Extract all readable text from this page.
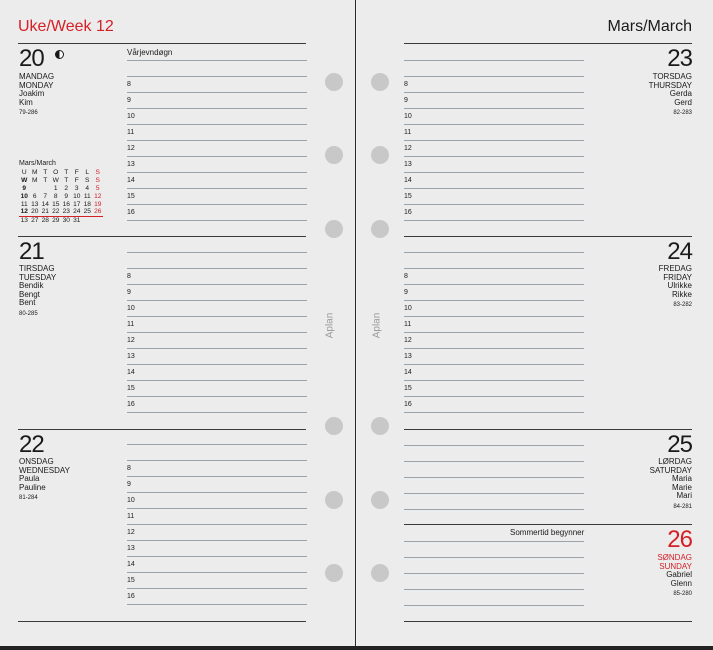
Uke/Week 12
20
MANDAG
MONDAY
Joakim
Kim
79-286
Vårjevndøgn
Mars/March
U	M	T	O	T	F	L	S
W	M	T	W	T	F	S	S
9			1	2	3	4	5
10	6	7	8	9	10	11	12
11	13	14	15	16	17	18	19
12	20	21	22	23	24	25	26
13	27	28	29	30	31		
21
TIRSDAG
TUESDAY
Bendik
Bengt
Bent
80-285
22
ONSDAG
WEDNESDAY
Paula
Pauline
81-284
Aplan
8
9
10
11
12
13
14
15
16
8
9
10
11
12
13
14
15
16
8
9
10
11
12
13
14
15
16
Mars/March
23
TORSDAG
THURSDAY
Gerda
Gerd
82-283
24
FREDAG
FRIDAY
Ulrikke
Rikke
83-282
25
LØRDAG
SATURDAY
Maria
Marie
Mari
84-281
Sommertid begynner	26
SØNDAG
SUNDAY
Gabriel
Glenn
85-280
Aplan
8
9
10
11
12
13
14
15
16
8
9
10
11
12
13
14
15
16
